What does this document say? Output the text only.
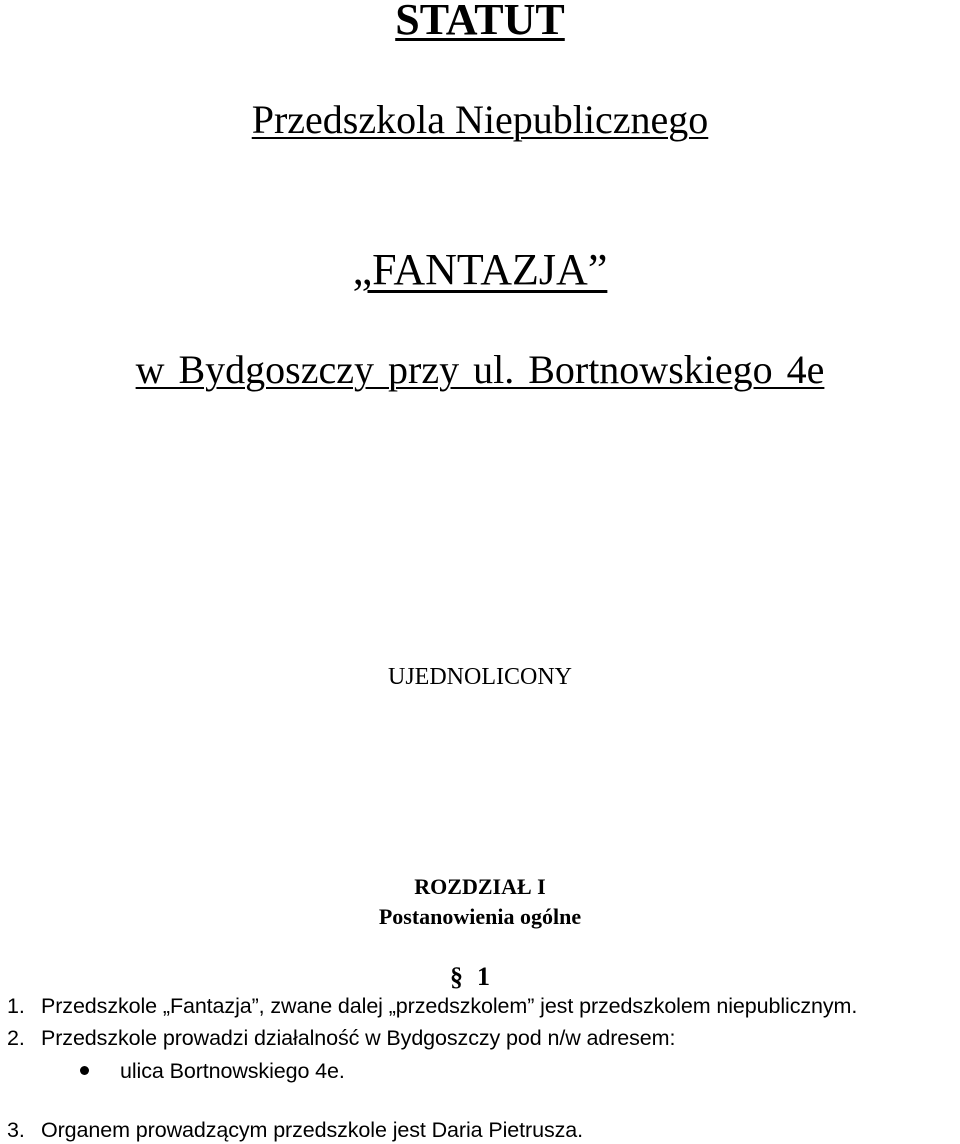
STATUT
Przedszkola Niepublicznego
„FANTAZJA”
w Bydgoszczy przy ul. Bortnowskiego 4e
UJEDNOLICONY
ROZDZIAŁ I
Postanowienia ogólne
§ 1
1. Przedszkole „Fantazja”, zwane dalej „przedszkolem” jest przedszkolem niepublicznym.
2. Przedszkole prowadzi działalność w Bydgoszczy pod n/w adresem:
ulica Bortnowskiego 4e.
3. Organem prowadzącym przedszkole jest Daria Pietrusza.
